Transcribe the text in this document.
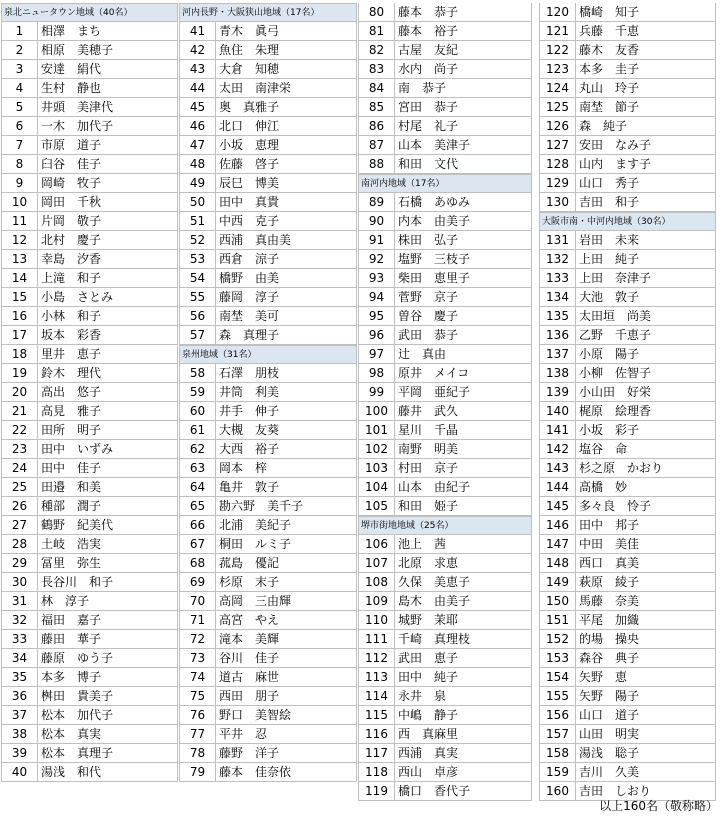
泉北ニュータウン地域（40名）
1	相澤　まち
2	相原　美穂子
3	安達　絹代
4	生村　静也
5	井頭　美津代
6	一木　加代子
7	市原　道子
8	臼谷　佳子
9	岡崎　牧子
10	岡田　千秋
11	片岡　敬子
12	北村　慶子
13	幸島　汐香
14	上滝　和子
15	小島　さとみ
16	小林　和子
17	坂本　彩香
18	里井　恵子
19	鈴木　理代
20	高出　悠子
21	高見　雅子
22	田所　明子
23	田中　いずみ
24	田中　佳子
25	田邉　和美
26	種部　潤子
27	鶴野　紀美代
28	土岐　浩実
29	冨里　弥生
30	長谷川　和子
31	林　淳子
32	福田　嘉子
33	藤田　華子
34	藤原　ゆう子
35	本多　博子
36	桝田　貴美子
37	松本　加代子
38	松本　真実
39	松本　真理子
40	湯浅　和代
河内長野・大阪狭山地域（17名）
41	青木　眞弓
42	魚住　朱理
43	大倉　知穂
44	太田　南津栄
45	奥　真雅子
46	北口　伸江
47	小坂　恵理
48	佐藤　啓子
49	辰巳　博美
50	田中　真貴
51	中西　克子
52	西浦　真由美
53	西倉　涼子
54	橋野　由美
55	藤岡　淳子
56	南埜　美可
57	森　真理子
泉州地域（31名）
58	石澤　朋枝
59	井筒　利美
60	井手　伸子
61	大槻　友葵
62	大西　裕子
63	岡本　梓
64	亀井　敦子
65	勘六野　美千子
66	北浦　美紀子
67	桐田　ルミ子
68	菰島　優記
69	杉原　末子
70	高岡　三由輝
71	高宮　やえ
72	滝本　美輝
73	谷川　佳子
74	道古　麻世
75	西田　朋子
76	野口　美智絵
77	平井　忍
78	藤野　洋子
79	藤本　佳奈依
80	藤本　恭子
81	藤本　裕子
82	古屋　友紀
83	水内　尚子
84	南　恭子
85	宮田　恭子
86	村尾　礼子
87	山本　美津子
88	和田　文代
南河内地域（17名）
89	石橋　あゆみ
90	内本　由美子
91	株田　弘子
92	塩野　三枝子
93	柴田　恵里子
94	菅野　京子
95	曽谷　慶子
96	武田　恭子
97	辻　真由
98	原井　メイコ
99	平岡　亜紀子
100 藤井　武久
101 星川　千晶
102 南野　明美
103 村田　京子
104 山本　由紀子
105 和田　姫子
堺市街地地域（25名）
106 池上　茜
107 北原　求恵
108 久保　美恵子
109 島木　由美子
110 城野　茉耶
111 千崎　真理枝
112 武田　恵子
113 田中　純子
114 永井　泉
115 中嶋　静子
116 西　真麻里
117 西浦　真実
118 西山　卓彦
119 橋口　香代子
120 橋崎　知子
121 兵藤　千恵
122 藤木　友香
123 本多　圭子
124 丸山　玲子
125 南埜　節子
126 森　純子
127 安田　なみ子
128 山内　ます子
129 山口　秀子
130 吉田　和子
大阪市南・中河内地域（30名）
131 岩田　未来
132 上田　純子
133 上田　奈津子
134 大池　敦子
135 太田垣　尚美
136 乙野　千恵子
137 小原　陽子
138 小柳　佐智子
139 小山田　好栄
140 梶原　絵理香
141 小坂　彩子
142 塩谷　命
143 杉之原　かおり
144 高橋　妙
145 多々良　怜子
146 田中　邦子
147 中田　美佳
148 西口　真美
149 萩原　綾子
150 馬藤　奈美
151 平尾　加織
152 的場　操央
153 森谷　典子
154 矢野　恵
155 矢野　陽子
156 山口　道子
157 山田　明実
158 湯浅　聡子
159 吉川　久美
160 吉田　しおり
以上160名（敬称略）
